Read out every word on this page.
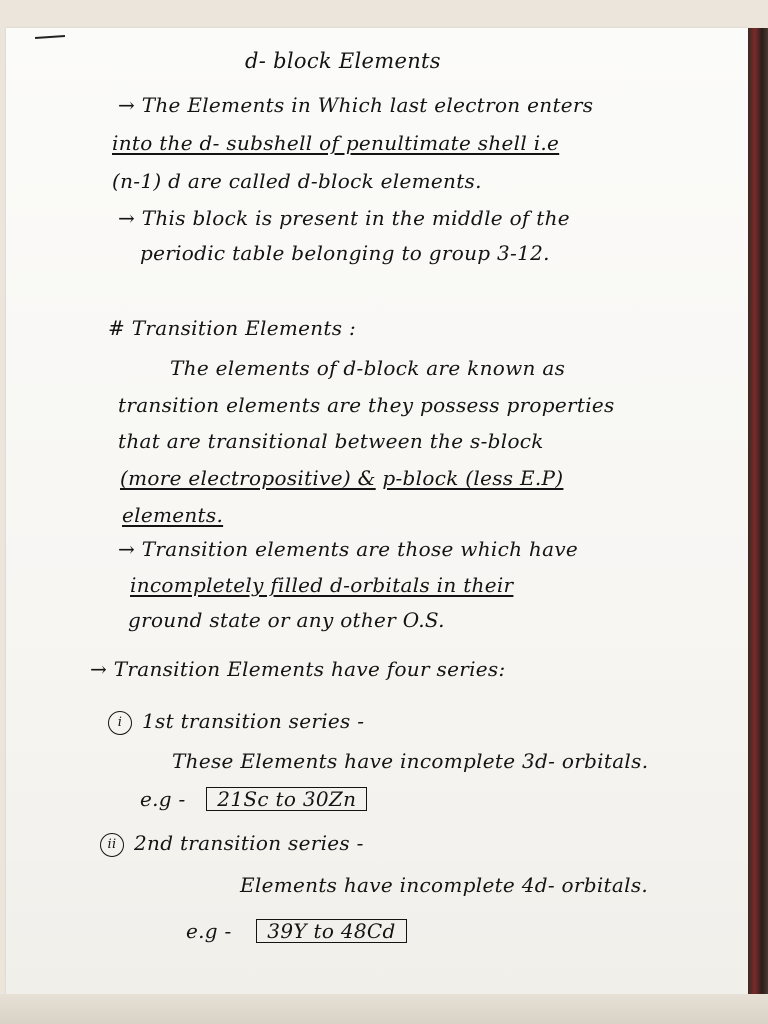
d- block Elements

→ The Elements in Which last electron enters

into the d- subshell of penultimate shell i.e

(n-1) d are called d-block elements.

→ This block is present in the middle of the

periodic table belonging to group 3-12.

# Transition Elements :

The elements of d-block are known as

transition elements are they possess properties

that are transitional between the s-block

(more electropositive) & p-block (less E.P)

elements.

→ Transition elements are those which have

incompletely filled d-orbitals in their

ground state or any other O.S.

→ Transition Elements have four series:

i 1st transition series -

These Elements have incomplete 3d- orbitals.

e.g - 21Sc to 30Zn

ii 2nd transition series -

Elements have incomplete 4d- orbitals.

e.g - 39Y to 48Cd
